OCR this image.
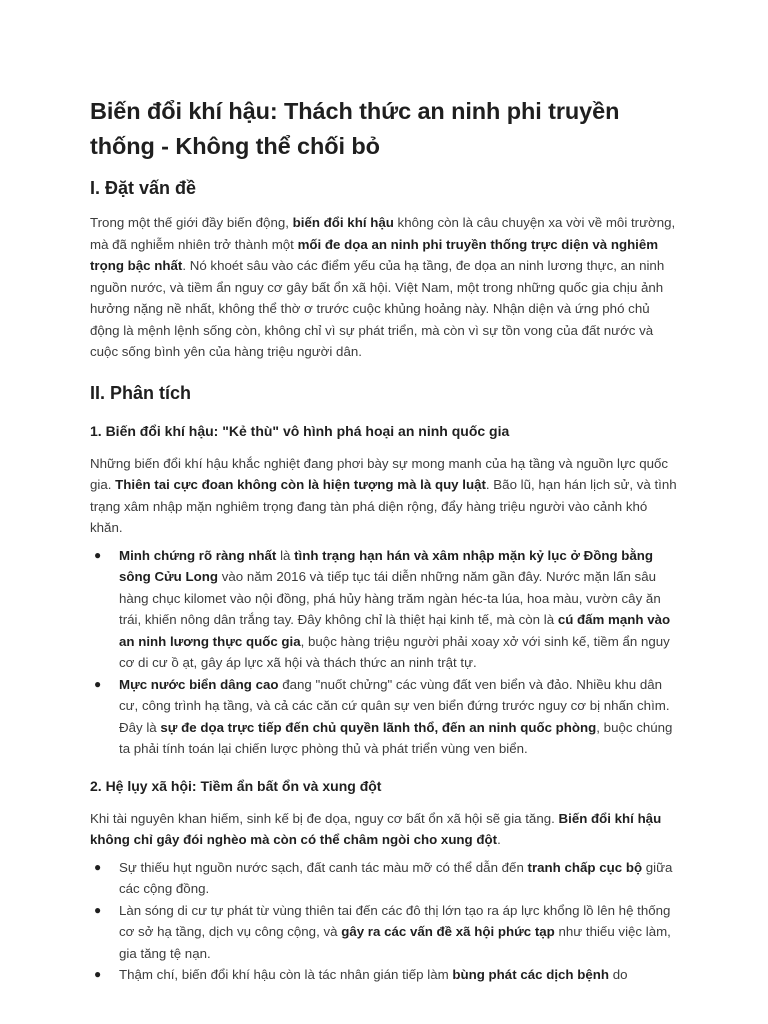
Biến đổi khí hậu: Thách thức an ninh phi truyền thống - Không thể chối bỏ
I. Đặt vấn đề

Trong một thế giới đầy biến động, biến đổi khí hậu không còn là câu chuyện xa vời về môi trường, mà đã nghiễm nhiên trở thành một mối đe dọa an ninh phi truyền thống trực diện và nghiêm trọng bậc nhất. Nó khoét sâu vào các điểm yếu của hạ tầng, đe dọa an ninh lương thực, an ninh nguồn nước, và tiềm ẩn nguy cơ gây bất ổn xã hội. Việt Nam, một trong những quốc gia chịu ảnh hưởng nặng nề nhất, không thể thờ ơ trước cuộc khủng hoảng này. Nhận diện và ứng phó chủ động là mệnh lệnh sống còn, không chỉ vì sự phát triển, mà còn vì sự tồn vong của đất nước và cuộc sống bình yên của hàng triệu người dân.

II. Phân tích
1. Biến đổi khí hậu: "Kẻ thù" vô hình phá hoại an ninh quốc gia

Những biến đổi khí hậu khắc nghiệt đang phơi bày sự mong manh của hạ tầng và nguồn lực quốc gia. Thiên tai cực đoan không còn là hiện tượng mà là quy luật. Bão lũ, hạn hán lịch sử, và tình trạng xâm nhập mặn nghiêm trọng đang tàn phá diện rộng, đẩy hàng triệu người vào cảnh khó khăn.

● Minh chứng rõ ràng nhất là tình trạng hạn hán và xâm nhập mặn kỷ lục ở Đồng bằng sông Cửu Long vào năm 2016 và tiếp tục tái diễn những năm gần đây. Nước mặn lấn sâu hàng chục kilomet vào nội đồng, phá hủy hàng trăm ngàn héc-ta lúa, hoa màu, vườn cây ăn trái, khiến nông dân trắng tay. Đây không chỉ là thiệt hại kinh tế, mà còn là cú đấm mạnh vào an ninh lương thực quốc gia, buộc hàng triệu người phải xoay xở với sinh kế, tiềm ẩn nguy cơ di cư ồ ạt, gây áp lực xã hội và thách thức an ninh trật tự.
● Mực nước biển dâng cao đang "nuốt chửng" các vùng đất ven biển và đảo. Nhiều khu dân cư, công trình hạ tầng, và cả các căn cứ quân sự ven biển đứng trước nguy cơ bị nhấn chìm. Đây là sự đe dọa trực tiếp đến chủ quyền lãnh thổ, đến an ninh quốc phòng, buộc chúng ta phải tính toán lại chiến lược phòng thủ và phát triển vùng ven biển.
2. Hệ lụy xã hội: Tiềm ẩn bất ổn và xung đột

Khi tài nguyên khan hiếm, sinh kế bị đe dọa, nguy cơ bất ổn xã hội sẽ gia tăng. Biến đổi khí hậu không chỉ gây đói nghèo mà còn có thể châm ngòi cho xung đột.

● Sự thiếu hụt nguồn nước sạch, đất canh tác màu mỡ có thể dẫn đến tranh chấp cục bộ giữa các cộng đồng.
● Làn sóng di cư tự phát từ vùng thiên tai đến các đô thị lớn tạo ra áp lực khổng lồ lên hệ thống cơ sở hạ tầng, dịch vụ công cộng, và gây ra các vấn đề xã hội phức tạp như thiếu việc làm, gia tăng tệ nạn.
● Thậm chí, biến đổi khí hậu còn là tác nhân gián tiếp làm bùng phát các dịch bệnh do
